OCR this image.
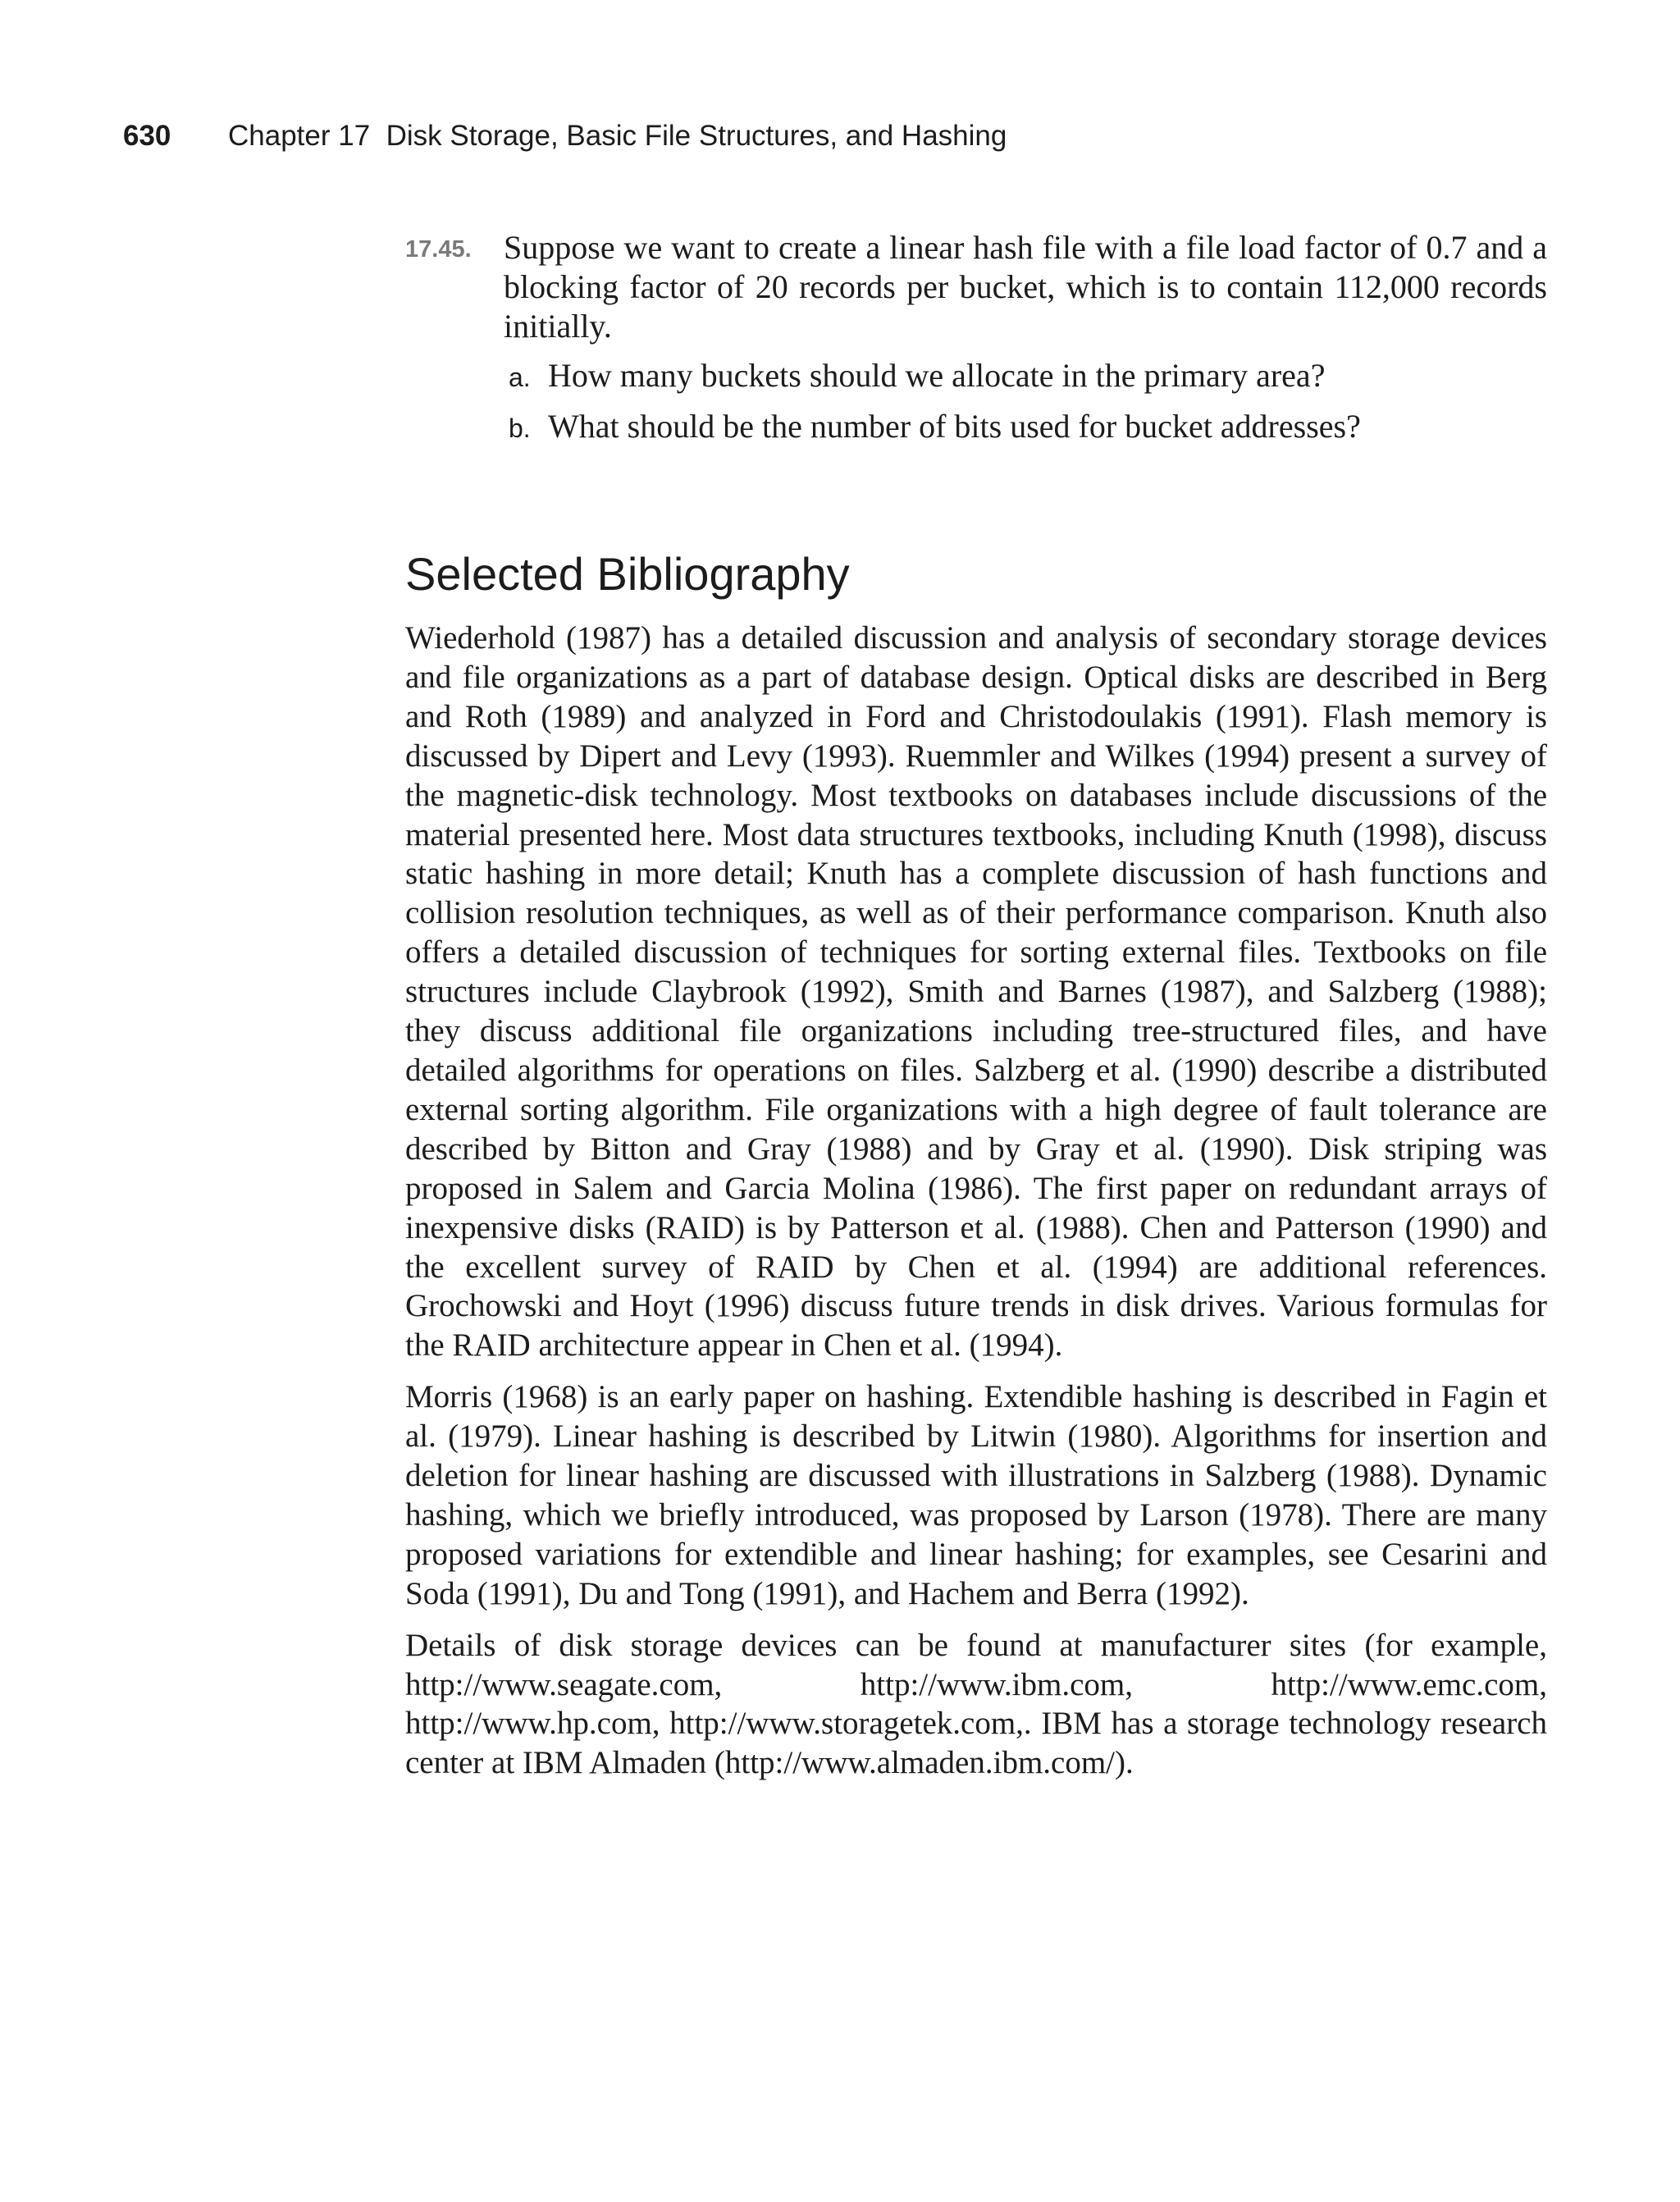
630 Chapter 17  Disk Storage, Basic File Structures, and Hashing
17.45. Suppose we want to create a linear hash file with a file load factor of 0.7 and a blocking factor of 20 records per bucket, which is to contain 112,000 records initially.
a. How many buckets should we allocate in the primary area?
b. What should be the number of bits used for bucket addresses?
Selected Bibliography

Wiederhold (1987) has a detailed discussion and analysis of secondary storage devices and file organizations as a part of database design. Optical disks are described in Berg and Roth (1989) and analyzed in Ford and Christodoulakis (1991). Flash memory is discussed by Dipert and Levy (1993). Ruemmler and Wilkes (1994) present a survey of the magnetic-disk technology. Most textbooks on databases include discussions of the material presented here. Most data structures textbooks, including Knuth (1998), discuss static hashing in more detail; Knuth has a complete discussion of hash functions and collision resolution techniques, as well as of their performance comparison. Knuth also offers a detailed discussion of techniques for sorting external files. Textbooks on file structures include Claybrook (1992), Smith and Barnes (1987), and Salzberg (1988); they discuss additional file organizations including tree-structured files, and have detailed algorithms for operations on files. Salzberg et al. (1990) describe a distributed external sorting algorithm. File organizations with a high degree of fault tolerance are described by Bitton and Gray (1988) and by Gray et al. (1990). Disk striping was proposed in Salem and Garcia Molina (1986). The first paper on redundant arrays of inexpensive disks (RAID) is by Patterson et al. (1988). Chen and Patterson (1990) and the excellent survey of RAID by Chen et al. (1994) are additional references. Grochowski and Hoyt (1996) discuss future trends in disk drives. Various formulas for the RAID architecture appear in Chen et al. (1994).

Morris (1968) is an early paper on hashing. Extendible hashing is described in Fagin et al. (1979). Linear hashing is described by Litwin (1980). Algorithms for insertion and deletion for linear hashing are discussed with illustrations in Salzberg (1988). Dynamic hashing, which we briefly introduced, was proposed by Larson (1978). There are many proposed variations for extendible and linear hashing; for examples, see Cesarini and Soda (1991), Du and Tong (1991), and Hachem and Berra (1992).

Details of disk storage devices can be found at manufacturer sites (for example, http://www.seagate.com, http://www.ibm.com, http://www.emc.com, http://www.hp.com, http://www.storagetek.com,. IBM has a storage technology research center at IBM Almaden (http://www.almaden.ibm.com/).
